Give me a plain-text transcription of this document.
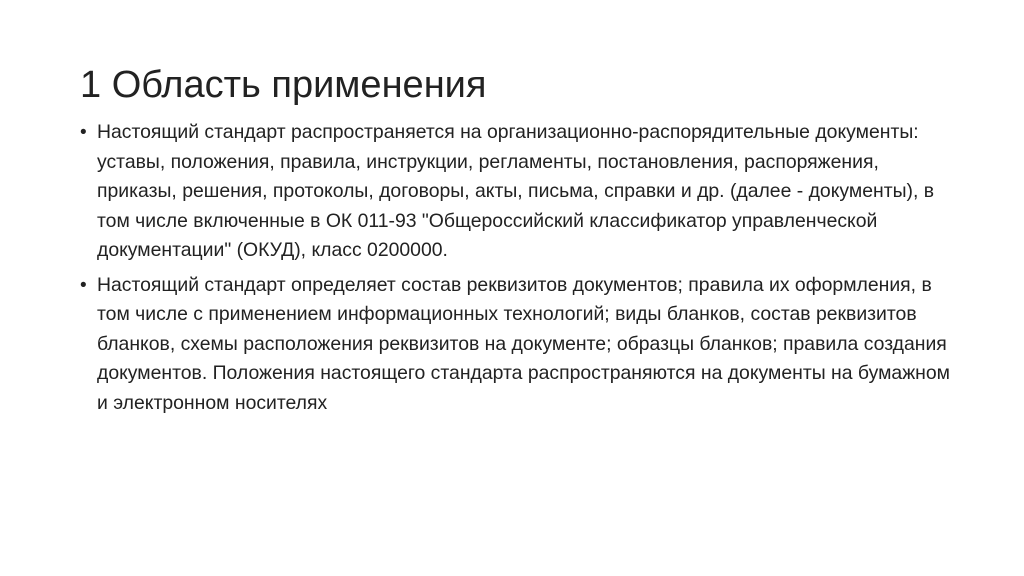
1 Область применения
• Настоящий стандарт распространяется на организационно-распорядительные документы: уставы, положения, правила, инструкции, регламенты, постановления, распоряжения, приказы, решения, протоколы, договоры, акты, письма, справки и др. (далее - документы), в том числе включенные в ОК 011-93 "Общероссийский классификатор управленческой документации" (ОКУД), класс 0200000.
• Настоящий стандарт определяет состав реквизитов документов; правила их оформления, в том числе с применением информационных технологий; виды бланков, состав реквизитов бланков, схемы расположения реквизитов на документе; образцы бланков; правила создания документов. Положения настоящего стандарта распространяются на документы на бумажном и электронном носителях
